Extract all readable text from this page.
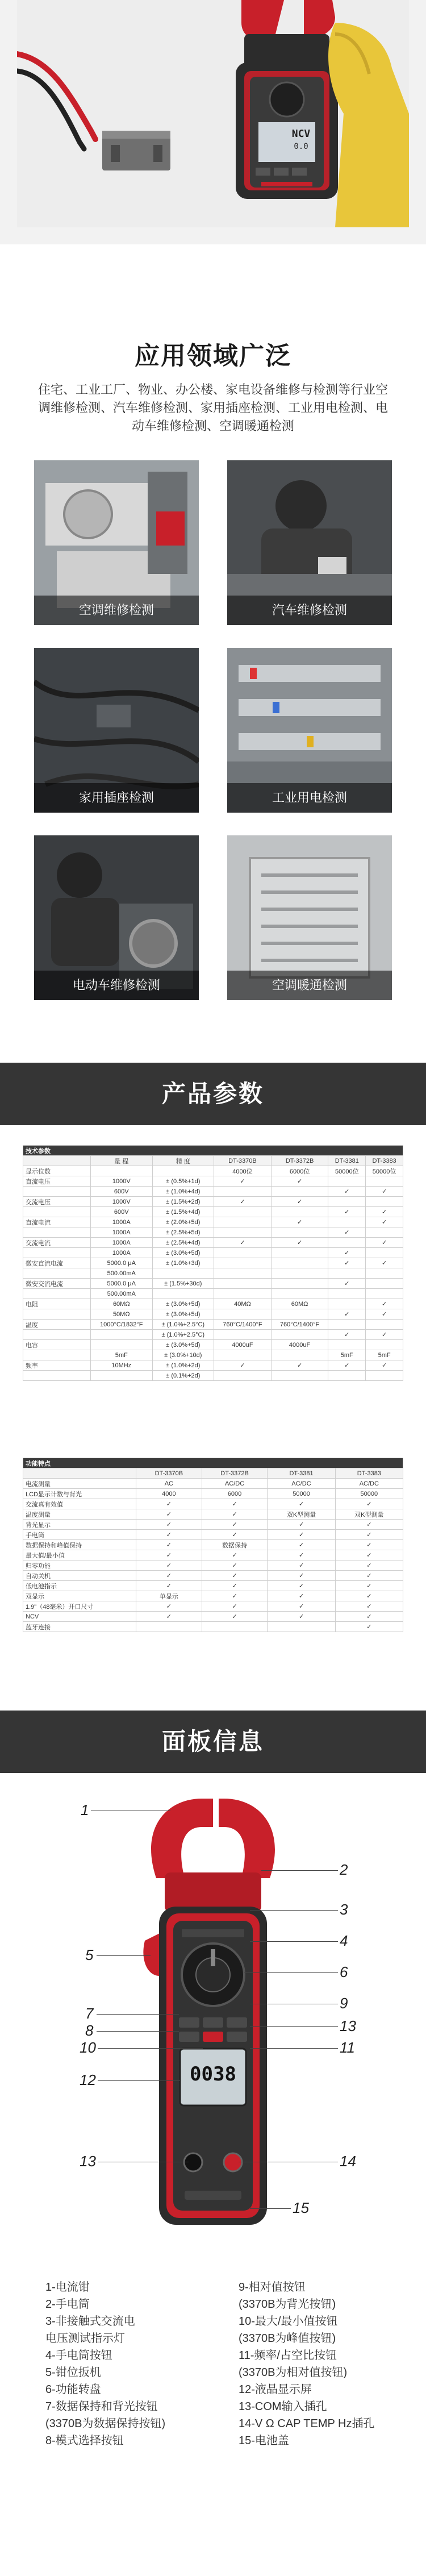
NCV
0.0
应用领域广泛
住宅、工业工厂、物业、办公楼、家电设备维修与检测等行业空调维修检测、汽车维修检测、家用插座检测、工业用电检测、电动车维修检测、空调暖通检测
空调维修检测	汽车维修检测
家用插座检测	工业用电检测
电动车维修检测	空调暖通检测
产品参数
技术参数						
	量 程	精 度	DT-3370B	DT-3372B	DT-3381	DT-3383
显示位数			4000位	6000位	50000位	50000位
直流电压	1000V	± (0.5%+1d)	✓	✓		
	600V	± (1.0%+4d)			✓	✓
交流电压	1000V	± (1.5%+2d)	✓	✓		
	600V	± (1.5%+4d)			✓	✓
直流电流	1000A	± (2.0%+5d)		✓		✓
	1000A	± (2.5%+5d)			✓	
交流电流	1000A	± (2.5%+4d)	✓	✓		✓
	1000A	± (3.0%+5d)			✓	
微安直流电流	5000.0 μA	± (1.0%+3d)			✓	✓
	500.00mA					
微安交流电流	5000.0 μA	± (1.5%+30d)			✓	
	500.00mA					
电阻	60MΩ	± (3.0%+5d)	40MΩ	60MΩ		✓
	50MΩ	± (3.0%+5d)			✓	✓
温度	1000°C/1832°F	± (1.0%+2.5°C)	760°C/1400°F	760°C/1400°F		
		± (1.0%+2.5°C)			✓	✓
电容		± (3.0%+5d)	4000uF	4000uF		
	5mF	± (3.0%+10d)			5mF	5mF
频率	10MHz	± (1.0%+2d)	✓	✓	✓	✓
		± (0.1%+2d)				
功能特点				
	DT-3370B	DT-3372B	DT-3381	DT-3383
电流测量	AC	AC/DC	AC/DC	AC/DC
LCD显示计数与背光	4000	6000	50000	50000
交流真有效值	✓	✓	✓	✓
温度测量	✓	✓	双K型测量	双K型测量
背光显示	✓	✓	✓	✓
手电筒	✓	✓	✓	✓
数据保持和峰值保持	✓	数据保持	✓	✓
最大值/最小值	✓	✓	✓	✓
归零功能	✓	✓	✓	✓
自动关机	✓	✓	✓	✓
低电池指示	✓	✓	✓	✓
双显示	单显示	✓	✓	✓
1.9"（48毫米）开口尺寸	✓	✓	✓	✓
NCV	✓	✓	✓	✓
蓝牙连接				✓
面板信息
0038
1
2
3
4
5
6
7
8
9
10	11
12
13
13	14
15
1-电流钳
2-手电筒
3-非接触式交流电
电压测试指示灯
4-手电筒按钮
5-钳位扳机
6-功能转盘
7-数据保持和背光按钮
(3370B为数据保持按钮)
8-模式选择按钮
9-相对值按钮
(3370B为背光按钮)
10-最大/最小值按钮
(3370B为峰值按钮)
11-频率/占空比按钮
(3370B为相对值按钮)
12-液晶显示屏
13-COM输入插孔
14-V Ω CAP TEMP Hz插孔
15-电池盖
